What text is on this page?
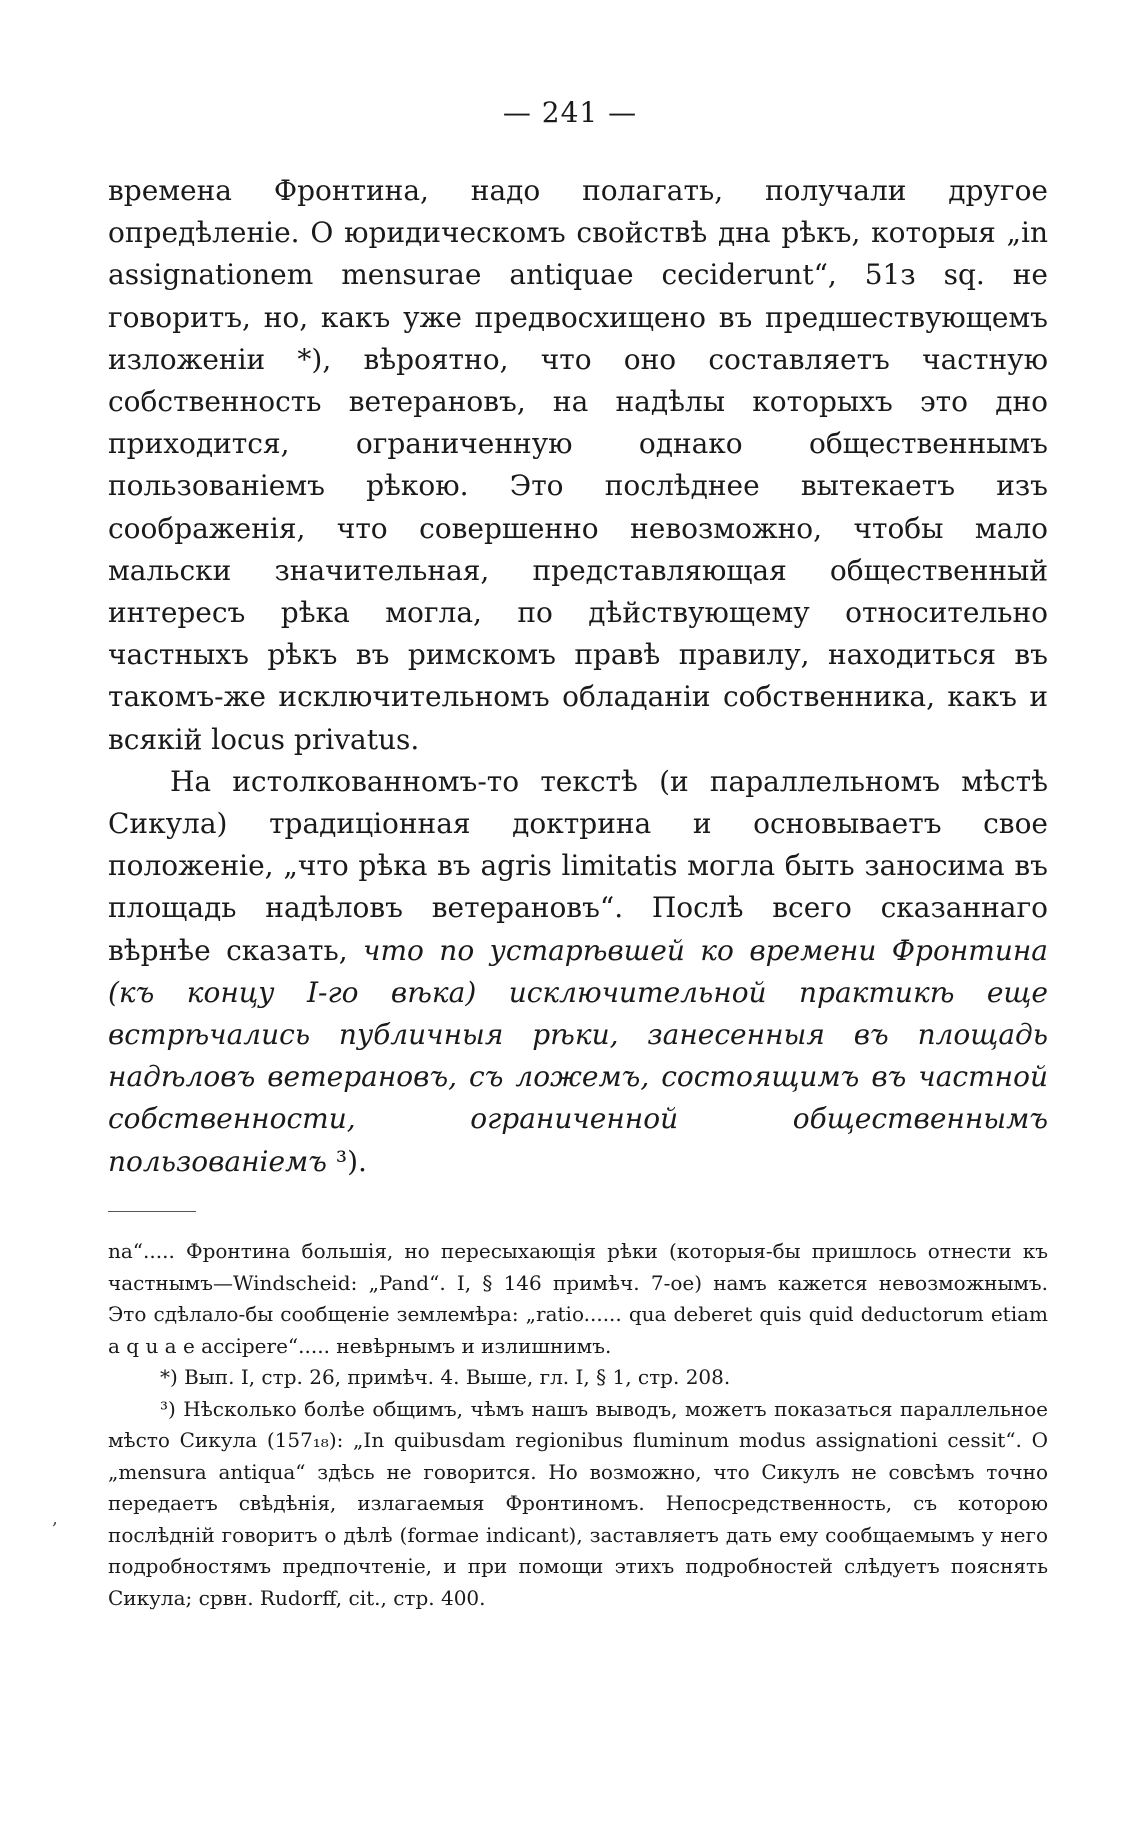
— 241 —

времена Фронтина, надо полагать, получали другое опредѣленіе. О юридическомъ свойствѣ дна рѣкъ, которыя „in assignationem mensurae antiquae ceciderunt“, 51з sq. не говоритъ, но, какъ уже предвосхищено въ предшествующемъ изложеніи *), вѣроятно, что оно составляетъ частную собственность ветерановъ, на надѣлы которыхъ это дно приходится, ограниченную однако общественнымъ пользованіемъ рѣкою. Это послѣднее вытекаетъ изъ соображенія, что совершенно невозможно, чтобы мало мальски значительная, представляющая общественный интересъ рѣка могла, по дѣйствующему относительно частныхъ рѣкъ въ римскомъ правѣ правилу, находиться въ такомъ-же исключительномъ обладаніи собственника, какъ и всякій locus privatus.

На истолкованномъ-то текстѣ (и параллельномъ мѣстѣ Сикула) традиціонная доктрина и основываетъ свое положеніе, „что рѣка въ agris limitatis могла быть заносима въ площадь надѣловъ ветерановъ“. Послѣ всего сказаннаго вѣрнѣе сказать, что по устарѣвшей ко времени Фронтина (къ концу I-го вѣка) исключительной практикѣ еще встрѣчались публичныя рѣки, занесенныя въ площадь надѣловъ ветерановъ, съ ложемъ, состоящимъ въ частной собственности, ограниченной общественнымъ пользованіемъ ³).

na“..... Фронтина большія, но пересыхающія рѣки (которыя-бы пришлось отнести къ частнымъ—Windscheid: „Pand“. I, § 146 примѣч. 7-ое) намъ кажется невозможнымъ. Это сдѣлало-бы сообщеніе землемѣра: „ratio...... qua deberet quis quid deductorum etiam a q u a e accipere“..... невѣрнымъ и излишнимъ.

*) Вып. I, стр. 26, примѣч. 4. Выше, гл. I, § 1, стр. 208.

³) Нѣсколько болѣе общимъ, чѣмъ нашъ выводъ, можетъ показаться параллельное мѣсто Сикула (157₁₈): „In quibusdam regionibus fluminum modus assignationi cessit“. О „mensura antiqua“ здѣсь не говорится. Но возможно, что Сикулъ не совсѣмъ точно передаетъ свѣдѣнія, излагаемыя Фронтиномъ. Непосредственность, съ которою послѣдній говоритъ о дѣлѣ (formae indicant), заставляетъ дать ему сообщаемымъ у него подробностямъ предпочтеніе, и при помощи этихъ подробностей слѣдуетъ пояснять Сикула; срвн. Rudorff, cit., стр. 400.

‚
